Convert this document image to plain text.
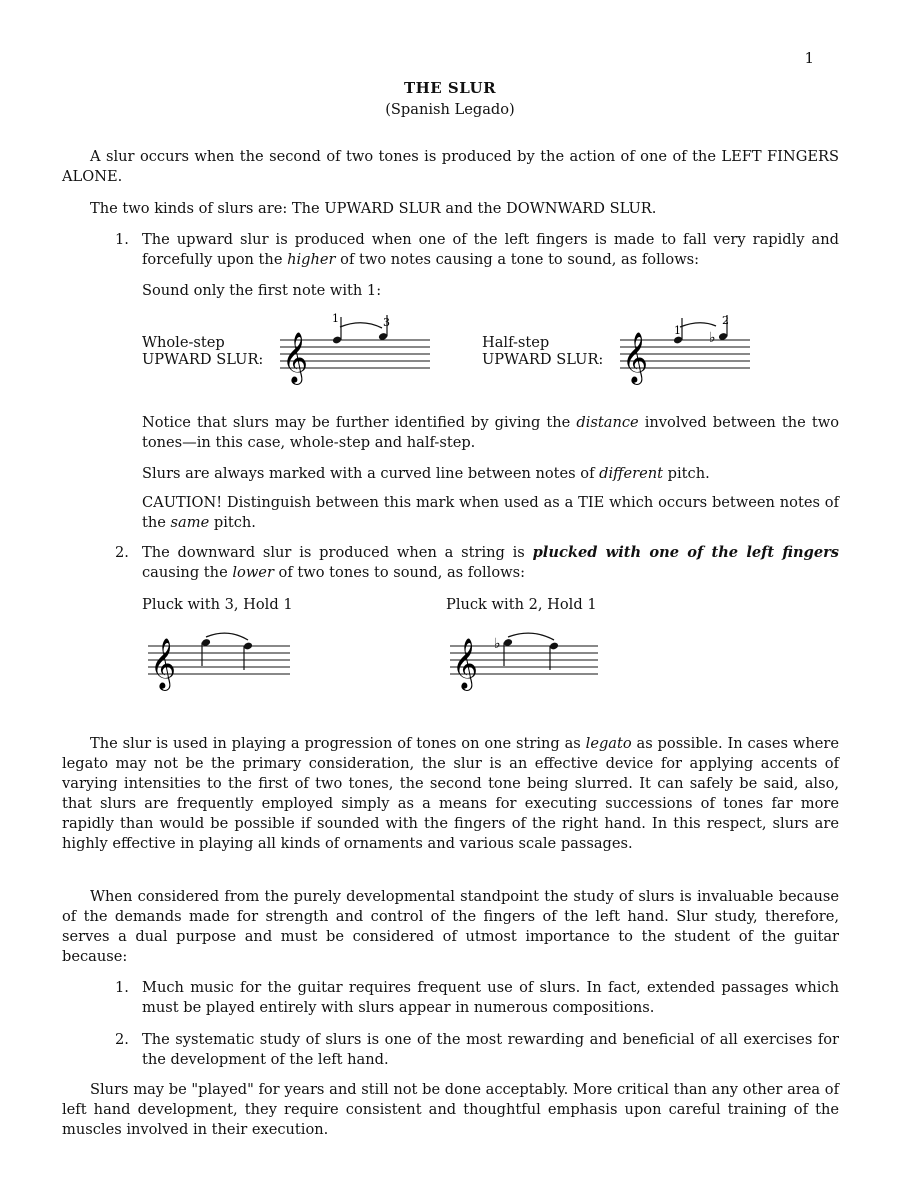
1
THE SLUR
(Spanish Legado)
A slur occurs when the second of two tones is produced by the action of one of the LEFT FINGERS ALONE.
The two kinds of slurs are: The UPWARD SLUR and the DOWNWARD SLUR.
1. The upward slur is produced when one of the left fingers is made to fall very rapidly and forcefully upon the higher of two notes causing a tone to sound, as follows:
Sound only the first note with 1:
Whole-step
UPWARD SLUR: 𝄞
1	3
Half-step
UPWARD SLUR: 𝄞	♭
1
2
Notice that slurs may be further identified by giving the distance involved between the two tones—in this case, whole-step and half-step.
Slurs are always marked with a curved line between notes of different pitch.
CAUTION! Distinguish between this mark when used as a TIE which occurs between notes of the same pitch.
2. The downward slur is produced when a string is plucked with one of the left fingers causing the lower of two tones to sound, as follows:
Pluck with 3, Hold 1	Pluck with 2, Hold 1
𝄞	𝄞 ♭
The slur is used in playing a progression of tones on one string as legato as possible. In cases where legato may not be the primary consideration, the slur is an effective device for applying accents of varying intensities to the first of two tones, the second tone being slurred. It can safely be said, also, that slurs are frequently employed simply as a means for executing successions of tones far more rapidly than would be possible if sounded with the fingers of the right hand. In this respect, slurs are highly effective in playing all kinds of ornaments and various scale passages.
When considered from the purely developmental standpoint the study of slurs is invaluable because of the demands made for strength and control of the fingers of the left hand. Slur study, therefore, serves a dual purpose and must be considered of utmost importance to the student of the guitar because:
1. Much music for the guitar requires frequent use of slurs. In fact, extended passages which must be played entirely with slurs appear in numerous compositions.
2. The systematic study of slurs is one of the most rewarding and beneficial of all exercises for the development of the left hand.
Slurs may be "played" for years and still not be done acceptably. More critical than any other area of left hand development, they require consistent and thoughtful emphasis upon careful training of the muscles involved in their execution.
